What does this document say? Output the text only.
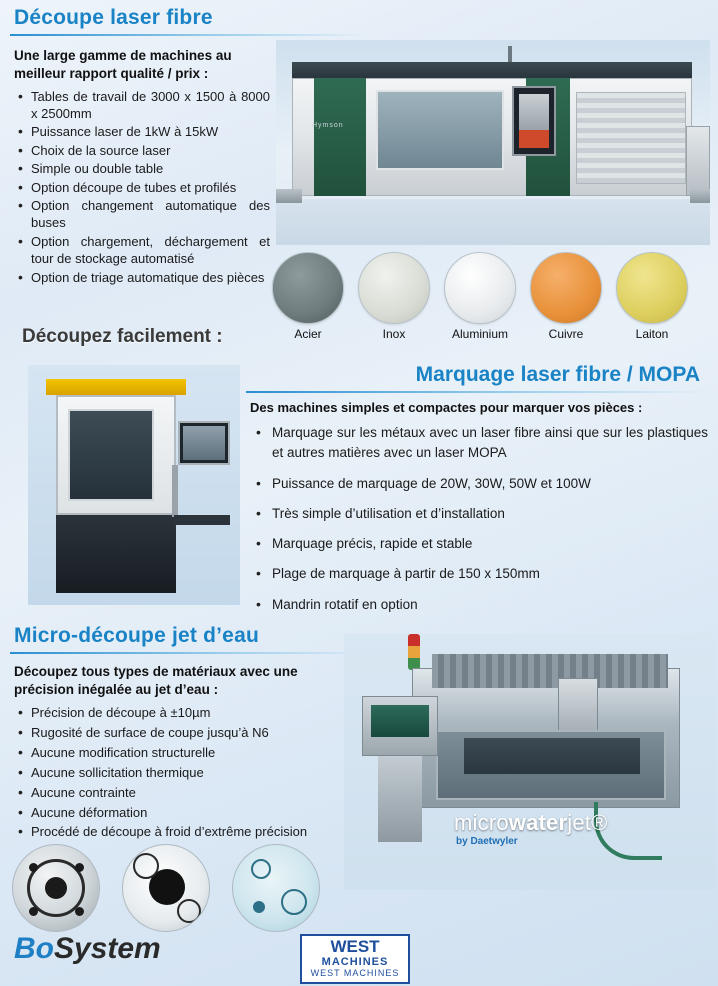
Découpe laser fibre
Une large gamme de machines au meilleur rapport qualité / prix :
• Tables de travail de 3000 x 1500 à 8000 x 2500mm
• Puissance laser de 1kW à 15kW
• Choix de la source laser
• Simple ou double table
• Option découpe de tubes et profilés
• Option changement automatique des buses
• Option chargement, déchargement et tour de stockage automatisé
• Option de triage automatique des pièces
Hymson
Acier	Inox	Aluminium	Cuivre	Laiton
Découpez facilement :
Marquage laser fibre / MOPA
Des machines simples et compactes pour marquer vos pièces :
• Marquage sur les métaux avec un laser fibre ainsi que sur les plastiques et autres matières avec un laser MOPA
• Puissance de marquage de 20W, 30W, 50W et 100W
• Très simple d’utilisation et d’installation
• Marquage précis, rapide et stable
• Plage de marquage à partir de 150 x 150mm
• Mandrin rotatif en option
Micro-découpe jet d’eau
Découpez tous types de matériaux avec une précision inégalée au jet d’eau :
• Précision de découpe à ±10µm
• Rugosité de surface de coupe jusqu’à N6
• Aucune modification structurelle
• Aucune sollicitation thermique
• Aucune contrainte
• Aucune déformation
• Procédé de découpe à froid d’extrême précision	microwaterjet®
by Daetwyler
BoSystem	WEST
MACHINES
WEST MACHINES
